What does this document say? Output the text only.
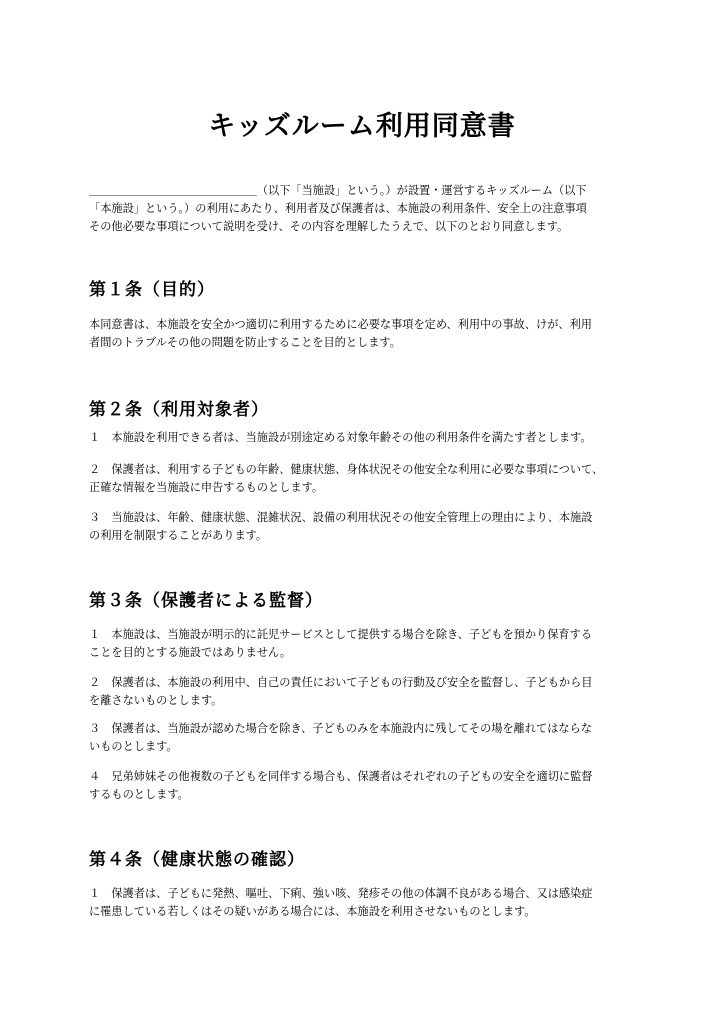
キッズルーム利用同意書
＿＿＿＿＿＿＿＿＿＿＿＿＿＿＿（以下「当施設」という。）が設置・運営するキッズルーム（以下
「本施設」という。）の利用にあたり、利用者及び保護者は、本施設の利用条件、安全上の注意事項
その他必要な事項について説明を受け、その内容を理解したうえで、以下のとおり同意します。
第１条（目的）
本同意書は、本施設を安全かつ適切に利用するために必要な事項を定め、利用中の事故、けが、利用
者間のトラブルその他の問題を防止することを目的とします。
第２条（利用対象者）
１　本施設を利用できる者は、当施設が別途定める対象年齢その他の利用条件を満たす者とします。
２　保護者は、利用する子どもの年齢、健康状態、身体状況その他安全な利用に必要な事項について、
正確な情報を当施設に申告するものとします。
３　当施設は、年齢、健康状態、混雑状況、設備の利用状況その他安全管理上の理由により、本施設
の利用を制限することがあります。
第３条（保護者による監督）
１　本施設は、当施設が明示的に託児サービスとして提供する場合を除き、子どもを預かり保育する
ことを目的とする施設ではありません。
２　保護者は、本施設の利用中、自己の責任において子どもの行動及び安全を監督し、子どもから目
を離さないものとします。
３　保護者は、当施設が認めた場合を除き、子どものみを本施設内に残してその場を離れてはならな
いものとします。
４　兄弟姉妹その他複数の子どもを同伴する場合も、保護者はそれぞれの子どもの安全を適切に監督
するものとします。
第４条（健康状態の確認）
１　保護者は、子どもに発熱、嘔吐、下痢、強い咳、発疹その他の体調不良がある場合、又は感染症
に罹患している若しくはその疑いがある場合には、本施設を利用させないものとします。
